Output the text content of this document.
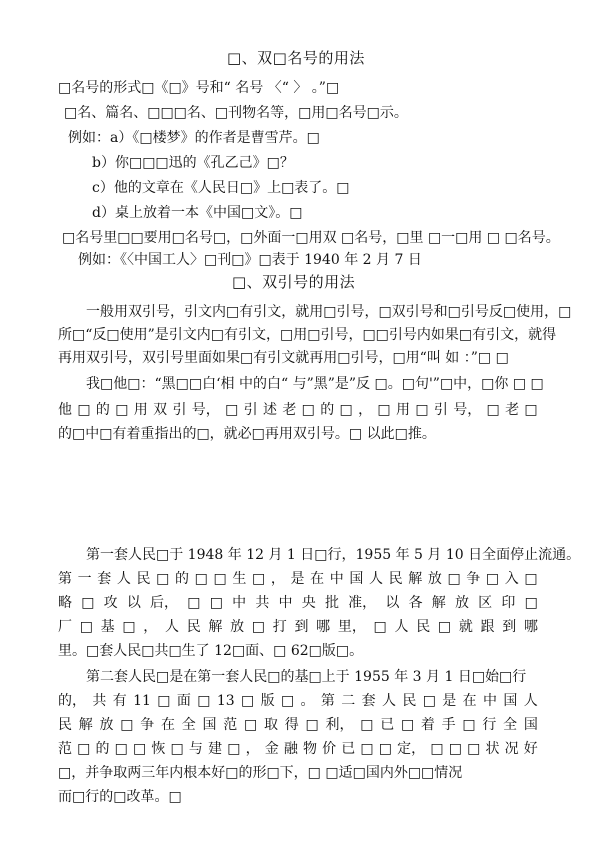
□、双□名号的用法
□名号的形式□《□》号和“ 名号 〈“ 〉 。”□
□名、篇名、□□□名、□刊物名等，□用□名号□示。
例如：a）《□楼梦》的作者是曹雪芹。□
b）你□□□迅的《孔乙己》□？
c）他的文章在《人民日□》上□表了。□
d）桌上放着一本《中国□文》。□
□名号里□□要用□名号□，□外面一□用双 □名号，□里 □一□用 □ □名号。
例如：《〈中国工人〉□刊□》□表于 1940 年 2 月 7 日
□、双引号的用法
一般用双引号，引文内□有引文，就用□引号，□双引号和□引号反□使用，□
所□“反□使用”是引文内□有引文，□用□引号，□□引号内如果□有引文，就得
再用双引号，双引号里面如果□有引文就再用□引号，□用“叫 如 ：”□ □
我□他□：“黑□□白‘相 中的白“ 与”黑”是”反 □。□句'”□中，□你 □ □
他 □ 的 □ 用 双 引 号， □ 引 述 老 □ 的 □ ， □ 用 □ 引 号， □ 老 □
的□中□有着重指出的□，就必□再用双引号。□ 以此□推。
第一套人民□于 1948 年 12 月 1 日□行，1955 年 5 月 10 日全面停止流通。
第 一 套 人 民 □ 的 □ □ 生 □ ， 是 在 中 国 人 民 解 放 □ 争 □ 入 □
略 □ 攻 以 后， □ □ 中 共 中 央 批 准， 以 各 解 放 区 印 □
厂 □ 基 □ ， 人 民 解 放 □ 打 到 哪 里， □ 人 民 □ 就 跟 到 哪
里。□套人民□共□生了 12□面、□ 62□版□。
第二套人民□是在第一套人民□的基□上于 1955 年 3 月 1 日□始□行
的， 共 有 11 □ 面 □ 13 □ 版 □ 。 第 二 套 人 民 □ 是 在 中 国 人
民 解 放 □ 争 在 全 国 范 □ 取 得 □ 利， □ 已 □ 着 手 □ 行 全 国
范 □ 的 □ □ 恢 □ 与 建 □ ， 金 融 物 价 已 □ □ 定， □ □ □ 状 况 好
□，并争取两三年内根本好□的形□下，□ □适□国内外□□情况
而□行的□改革。□
